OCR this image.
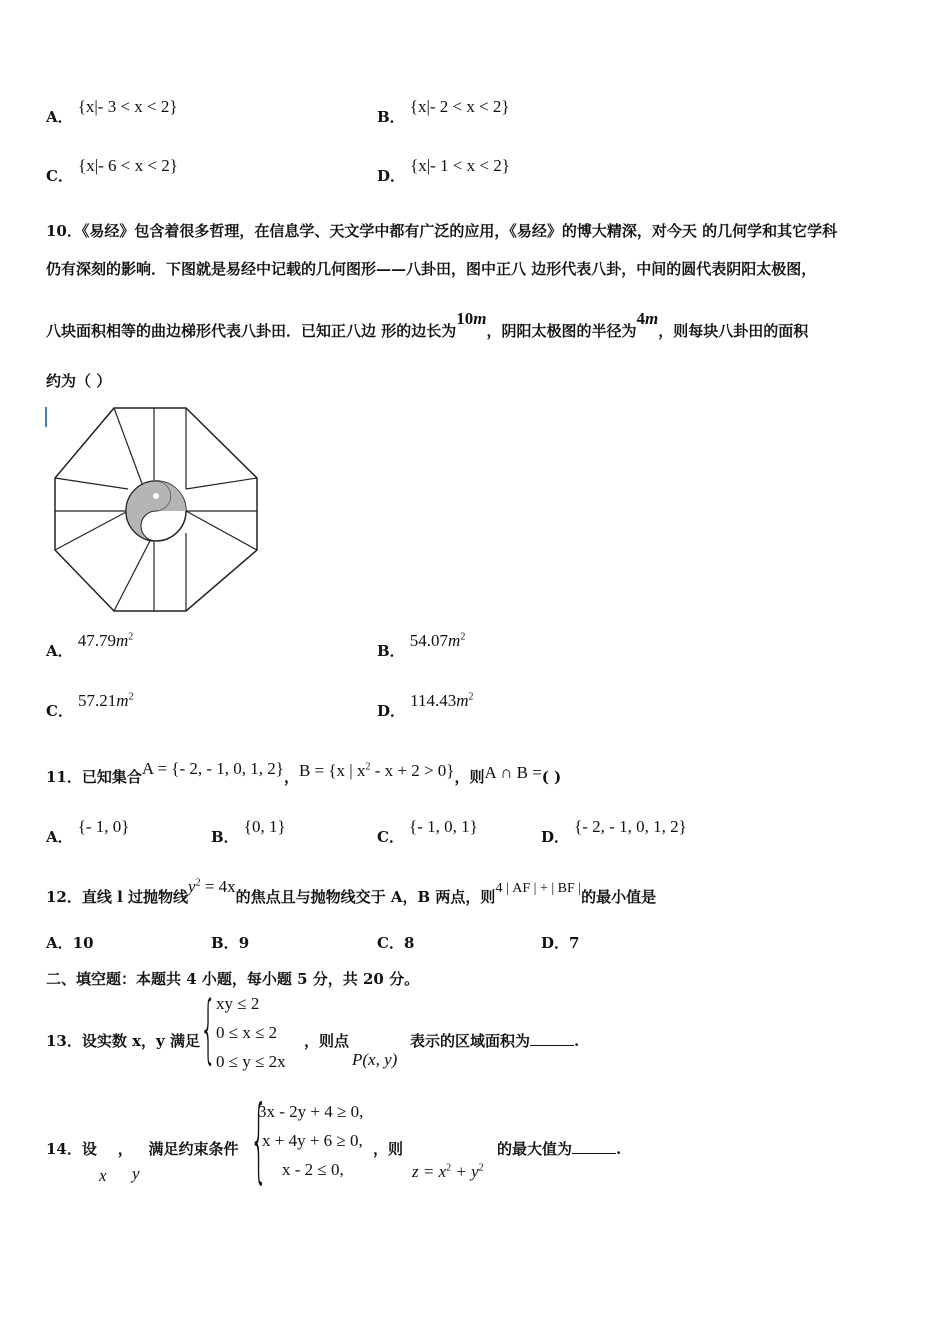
A． {x|- 3 < x < 2}
B． {x|- 2 < x < 2}
C． {x|- 6 < x < 2}
D． {x|- 1 < x < 2}
10．《易经》包含着很多哲理，在信息学、天文学中都有广泛的应用，《易经》的博大精深，对今天 的几何学和其它学科
仍有深刻的影响．下图就是易经中记载的几何图形——八卦田，图中正八 边形代表八卦，中间的圆代表阴阳太极图，
八块面积相等的曲边梯形代表八卦田．已知正八边 形的边长为10m，阴阳太极图的半径为4m，则每块八卦田的面积
约为（ ）
A． $47.79m^2$
B． $54.07m^2$
C． $57.21m^2$
D． $114.43m^2$
11．已知集合A = {- 2, - 1, 0, 1, 2}，B = {x | $x^2 - x + 2 > 0$}，则A ∩ B =( )
A． {- 1, 0}
B． {0, 1}
C． {- 1, 0, 1}
D． {- 2, - 1, 0, 1, 2}
12．直线 l 过抛物线$y^2 = 4x$的焦点且与抛物线交于 A，B 两点，则4 | AF | + | BF |的最小值是
A．10	B．9	C．8	D．7
二、填空题：本题共 4 小题，每小题 5 分，共 20 分。
13．设实数 x，y 满足 { xy ≤ 2
0 ≤ x ≤ 2
0 ≤ y ≤ 2x
，则点
P(x, y)
表示的区域面积为	.
14．设 ， 满足约束条件
x y {
3x - 2y + 4 ≥ 0,
x + 4y + 6 ≥ 0,
x - 2 ≤ 0,
，则
$z = x^2 + y^2$
的最大值为	.
